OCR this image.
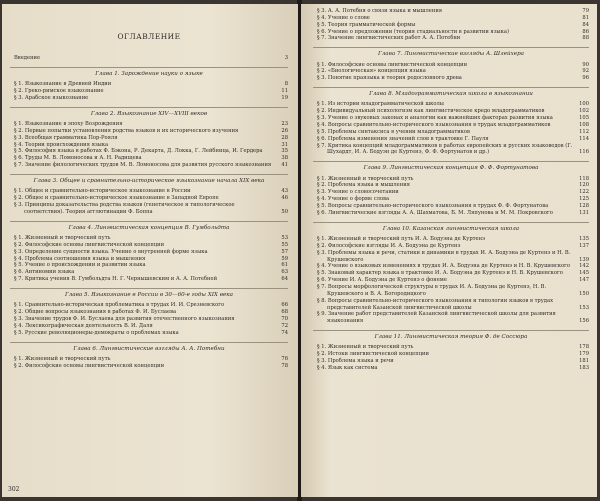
ОГЛАВЛЕНИЕ
Введение	3
Глава 1. Зарождение науки о языке
§ 1. Языкознание в Древней Индии	8
§ 2. Греко-римское языкознание	11
§ 3. Арабское языкознание	19
Глава 2. Языкознание XIV—XVIII веков
§ 1. Языкознание в эпоху Возрождения	23
§ 2. Первые попытки установления родства языков и их исторического изучения	26
§ 3. Всеобщая грамматика Пор-Рояля	28
§ 4. Теории происхождения языка	31
§ 5. Философия языка в работах Ф. Бэкона, Р. Декарта, Д. Локка, Г. Лейбница, И. Гердера	35
§ 6. Труды М. В. Ломоносова и А. Н. Радищева	38
§ 7. Значение филологических трудов М. В. Ломоносова для развития русского языкознания	41
Глава 3. Общее и сравнительно-историческое языкознание начала XIX века
§ 1. Общее и сравнительно-историческое языкознание в России	43
§ 2. Общее и сравнительно-историческое языкознание в Западной Европе	46
§ 3. Принципы доказательства родства языков (генетическое и типологическое соответствия). Теория агглютинации Ф. Боппа	50
Глава 4. Лингвистическая концепция В. Гумбольдта
§ 1. Жизненный и творческий путь	53
§ 2. Философские основы лингвистической концепции	55
§ 3. Определение сущности языка. Учение о внутренней форме языка	57
§ 4. Проблема соотношения языка и мышления	59
§ 5. Учение о происхождении и развитии языка	61
§ 6. Антиномии языка	63
§ 7. Критика учения В. Гумбольдта Н. Г. Чернышевским и А. А. Потебней	64
Глава 5. Языкознание в России в 30—60-е годы XIX века
§ 1. Сравнительно-историческая проблематика в трудах И. И. Срезневского	66
§ 2. Общие вопросы языкознания в работах Ф. И. Буслаева	68
§ 3. Значение трудов Ф. И. Буслаева для развития отечественного языкознания	70
§ 4. Лексикографическая деятельность В. И. Даля	72
§ 5. Русские революционеры-демократы о проблемах языка	74
Глава 6. Лингвистические взгляды А. А. Потебни
§ 1. Жизненный и творческий путь	76
§ 2. Философские основы лингвистической концепции	78
302
§ 3. А. А. Потебня о связи языка и мышления	79
§ 4. Учение о слове	81
§ 5. Теория грамматической формы	84
§ 6. Учение о предложении (теория стадиальности в развитии языка)	86
§ 7. Значение лингвистических работ А. А. Потебни	88
Глава 7. Лингвистические взгляды А. Шлейхера
§ 1. Философские основы лингвистической концепции	90
§ 2. «Биологическая» концепция языка	92
§ 3. Понятие праязыка и теория родословного древа	96
Глава 8. Младограмматическая школа в языкознании
§ 1. Из истории младограмматической школы	100
§ 2. Индивидуальный психологизм как лингвистическое кредо младограмматиков	102
§ 3. Учение о звуковых законах и аналогии как важнейших факторах развития языка	105
§ 4. Вопросы сравнительно-исторического языкознания в трудах младограмматиков	108
§ 5. Проблемы синтаксиса в учении младограмматиков	112
§ 6. Проблема изменения значений слов в трактовке Г. Пауля	114
§ 7. Критика концепций младограмматиков в работах европейских и русских языковедов (Г. Шухардт, И. А. Бодуэн де Куртенэ, Ф. Ф. Фортунатов и др.)	116
Глава 9. Лингвистическая концепция Ф. Ф. Фортунатова
§ 1. Жизненный и творческий путь	118
§ 2. Проблема языка и мышления	120
§ 3. Учение о словосочетании	122
§ 4. Учение о форме слова	125
§ 5. Вопросы сравнительно-исторического языкознания в трудах Ф. Ф. Фортунатова	128
§ 6. Лингвистические взгляды А. А. Шахматова, Б. М. Ляпунова и М. М. Покровского	131
Глава 10. Казанская лингвистическая школа
§ 1. Жизненный и творческий путь И. А. Бодуэна де Куртенэ	135
§ 2. Философские взгляды И. А. Бодуэна де Куртенэ	137
§ 3. Проблемы языка и речи, статики и динамики в трудах И. А. Бодуэна де Куртенэ и Н. В. Крушевского	139
§ 4. Учение о языковых изменениях в трудах И. А. Бодуэна де Куртенэ и Н. В. Крушевского	142
§ 5. Знаковый характер языка в трактовке И. А. Бодуэна де Куртенэ и Н. В. Крушевского	145
§ 6. Учение И. А. Бодуэна де Куртенэ о фонеме	147
§ 7. Вопросы морфологической структуры в трудах И. А. Бодуэна де Куртенэ, Н. В. Крушевского и В. А. Богородицкого	150
§ 8. Вопросы сравнительно-исторического языкознания и типологии языков в трудах представителей Казанской лингвистической школы	153
§ 9. Значение работ представителей Казанской лингвистической школы для развития языкознания	156
Глава 11. Лингвистическая теория Ф. де Соссюра
§ 1. Жизненный и творческий путь	178
§ 2. Истоки лингвистической концепции	179
§ 3. Проблема языка и речи	181
§ 4. Язык как система	183
